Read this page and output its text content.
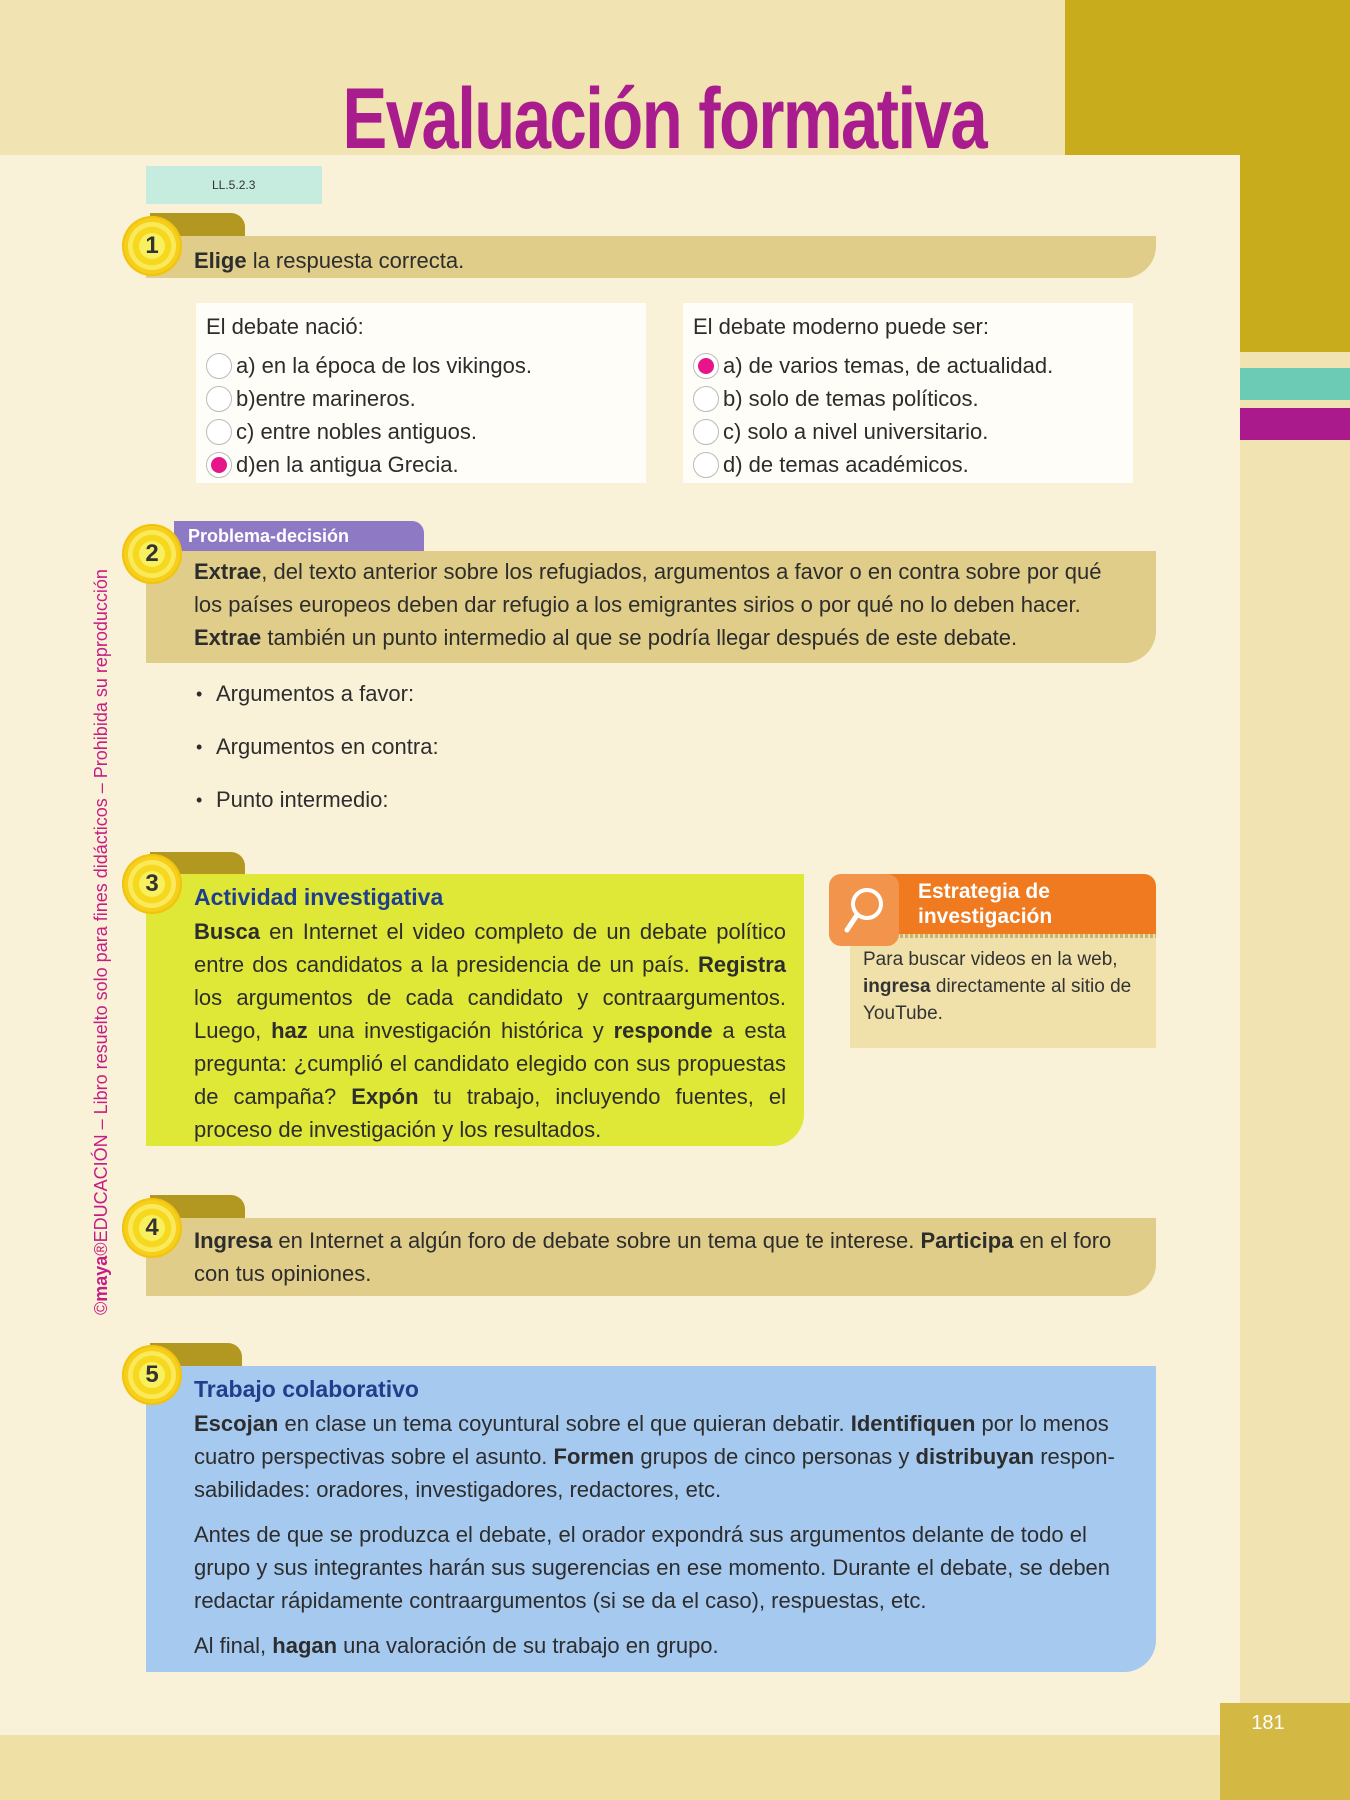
181
Evaluación formativa
LL.5.2.3
©maya®EDUCACIÓN – Libro resuelto solo para fines didácticos – Prohibida su reproducción

Elige la respuesta correcta.

1
El debate nació:
a) en la época de los vikingos.
b)entre marineros.
c) entre nobles antiguos.
d)en la antigua Grecia.
El debate moderno puede ser:
a) de varios temas, de actualidad.
b) solo de temas políticos.
c) solo a nivel universitario.
d) de temas académicos.
Problema-decisión

Extrae, del texto anterior sobre los refugiados, argumentos a favor o en contra sobre por qué los países europeos deben dar refugio a los emigrantes sirios o por qué no lo deben hacer. Extrae también un punto intermedio al que se podría llegar después de este debate.

2
• Argumentos a favor:
• Argumentos en contra:
• Punto intermedio:
Actividad investigativa

Busca en Internet el video completo de un debate político entre dos candidatos a la presidencia de un país. Registra los argumentos de cada candidato y contraargumentos. Luego, haz una investigación histórica y responde a esta pregunta: ¿cumplió el candidato elegido con sus propuestas de campaña? Expón tu trabajo, incluyendo fuentes, el proceso de investigación y los resultados.

3	Estrategia de
investigación
Para buscar videos en la web, ingresa directamente al sitio de YouTube.

Ingresa en Internet a algún foro de debate sobre un tema que te interese. Participa en el foro con tus opiniones.

4
Trabajo colaborativo

Escojan en clase un tema coyuntural sobre el que quieran debatir. Identifiquen por lo menos cuatro perspectivas sobre el asunto. Formen grupos de cinco personas y distribuyan responsabilidades: oradores, investigadores, redactores, etc.

Antes de que se produzca el debate, el orador expondrá sus argumentos delante de todo el grupo y sus integrantes harán sus sugerencias en ese momento. Durante el debate, se deben redactar rápidamente contraargumentos (si se da el caso), respuestas, etc.

Al final, hagan una valoración de su trabajo en grupo.

5
